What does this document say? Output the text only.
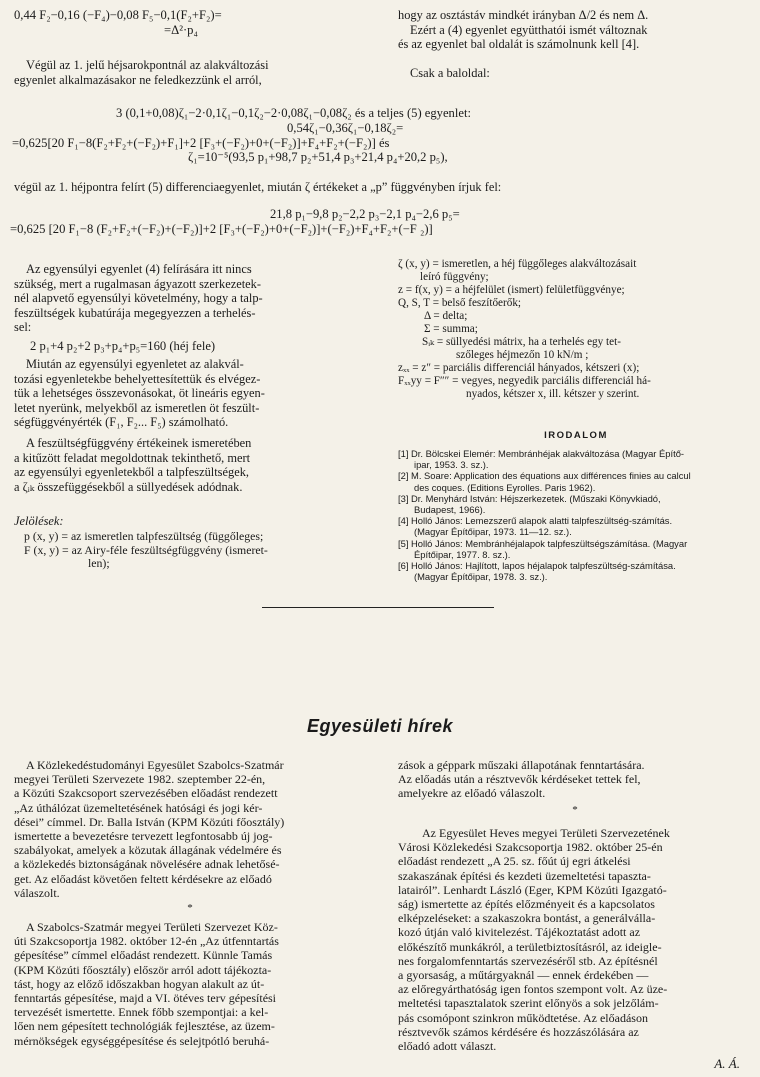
0,44 F₂−0,16 (−F₄)−0,08 F₅−0,1(F₂+F₂)=
=Δ²·p₄
Végül az 1. jelű héjsarokpontnál az alakváltozási
egyenlet alkalmazásakor ne feledkezzünk el arról,
hogy az osztástáv mindkét irányban Δ/2 és nem Δ.
Ezért a (4) egyenlet együtthatói ismét változnak
és az egyenlet bal oldalát is számolnunk kell [4].
Csak a baloldal:
3 (0,1+0,08)ζ₁−2·0,1ζ₁−0,1ζ₂−2·0,08ζ₁−0,08ζ₂ és a teljes (5) egyenlet:
0,54ζ₁−0,36ζ₁−0,18ζ₂=
=0,625[20 F₁−8(F₂+F₂+(−F₂)+F₁]+2 [F₃+(−F₂)+0+(−F₂)]+F₄+F₂+(−F₂)] és
ζ₁=10⁻⁵(93,5 p₁+98,7 p₂+51,4 p₃+21,4 p₄+20,2 p₅),
végül az 1. héjpontra felírt (5) differenciaegyenlet, miután ζ értékeket a „p” függvényben írjuk fel:
21,8 p₁−9,8 p₂−2,2 p₃−2,1 p₄−2,6 p₅=
=0,625 [20 F₁−8 (F₂+F₂+(−F₂)+(−F₂)]+2 [F₃+(−F₂)+0+(−F₂)]+(−F₂)+F₄+F₂+(−F ₂)]
Az egyensúlyi egyenlet (4) felírására itt nincs
szükség, mert a rugalmasan ágyazott szerkezetek-
nél alapvető egyensúlyi követelmény, hogy a talp-
feszültségek kubatúrája megegyezzen a terhelés-
sel:
2 p₁+4 p₂+2 p₃+p₄+p₅=160 (héj fele)
Miután az egyensúlyi egyenletet az alakvál-
tozási egyenletekbe behelyettesítettük és elvégez-
tük a lehetséges összevonásokat, öt lineáris egyen-
letet nyerünk, melyekből az ismeretlen öt feszült-
ségfüggvényérték (F₁, F₂... F₅) számolható.
A feszültségfüggvény értékeinek ismeretében
a kitűzött feladat megoldottnak tekinthető, mert
az egyensúlyi egyenletekből a talpfeszültségek,
a ζᵢₖ összefüggésekből a süllyedések adódnak.
Jelölések:
p (x, y) = az ismeretlen talpfeszültség (függőleges;
F (x, y) = az Airy-féle feszültségfüggvény (ismeret-
len);
ζ (x, y) = ismeretlen, a héj függőleges alakváltozásait
leíró függvény;
z = f(x, y) = a héjfelület (ismert) felületfüggvénye;
Q, S, T = belső feszítőerők;
Δ = delta;
Σ = summa;
Sᵢₖ = süllyedési mátrix, ha a terhelés egy tet-
szőleges héjmezőn 10 kN/m ;
zₓₓ = z″ = parciális differenciál hányados, kétszeri (x);
Fₓₓyy = F″″ = vegyes, negyedik parciális differenciál há-
nyados, kétszer x, ill. kétszer y szerint.
IRODALOM
[1] Dr. Bölcskei Elemér: Membránhéjak alakváltozása (Magyar Építő-
ipar, 1953. 3. sz.).
[2] M. Soare: Application des équations aux différences finies au calcul
des coques. (Editions Eyrolles. Paris 1962).
[3] Dr. Menyhárd István: Héjszerkezetek. (Műszaki Könyvkiadó,
Budapest, 1966).
[4] Holló János: Lemezszerű alapok alatti talpfeszültség-számítás.
(Magyar Építőipar, 1973. 11—12. sz.).
[5] Holló János: Membránhéjalapok talpfeszültségszámítása. (Magyar
Építőipar, 1977. 8. sz.).
[6] Holló János: Hajlított, lapos héjalapok talpfeszültség-számítása.
(Magyar Építőipar, 1978. 3. sz.).
Egyesületi hírek
A Közlekedéstudományi Egyesület Szabolcs-Szatmár
megyei Területi Szervezete 1982. szeptember 22-én,
a Közúti Szakcsoport szervezésében előadást rendezett
„Az úthálózat üzemeltetésének hatósági és jogi kér-
dései” címmel. Dr. Balla István (KPM Közúti főosztály)
ismertette a bevezetésre tervezett legfontosabb új jog-
szabályokat, amelyek a közutak állagának védelmére és
a közlekedés biztonságának növelésére adnak lehetősé-
get. Az előadást követően feltett kérdésekre az előadó
válaszolt.
*
A Szabolcs-Szatmár megyei Területi Szervezet Köz-
úti Szakcsoportja 1982. október 12-én „Az útfenntartás
gépesítése” címmel előadást rendezett. Künnle Tamás
(KPM Közúti főosztály) először arról adott tájékozta-
tást, hogy az előző időszakban hogyan alakult az út-
fenntartás gépesítése, majd a VI. ötéves terv gépesítési
tervezését ismertette. Ennek főbb szempontjai: a kel-
lően nem gépesített technológiák fejlesztése, az üzem-
mérnökségek egységgépesítése és selejtpótló beruhá-
zások a géppark műszaki állapotának fenntartására.
Az előadás után a résztvevők kérdéseket tettek fel,
amelyekre az előadó válaszolt.
*
Az Egyesület Heves megyei Területi Szervezetének
Városi Közlekedési Szakcsoportja 1982. október 25-én
előadást rendezett „A 25. sz. főút új egri átkelési
szakaszának építési és kezdeti üzemeltetési tapaszta-
latairól”. Lenhardt László (Eger, KPM Közúti Igazgató-
ság) ismertette az építés előzményeit és a kapcsolatos
elképzeléseket: a szakaszokra bontást, a generálválla-
kozó útján való kivitelezést. Tájékoztatást adott az
előkészítő munkákról, a területbiztosításról, az ideigle-
nes forgalomfenntartás szervezéséről stb. Az építésnél
a gyorsaság, a műtárgyaknál — ennek érdekében —
az előregyárthatóság igen fontos szempont volt. Az üze-
meltetési tapasztalatok szerint előnyös a sok jelzőlám-
pás csomópont szinkron működtetése. Az előadáson
résztvevők számos kérdésére és hozzászólására az
előadó adott választ.
A. Á.
